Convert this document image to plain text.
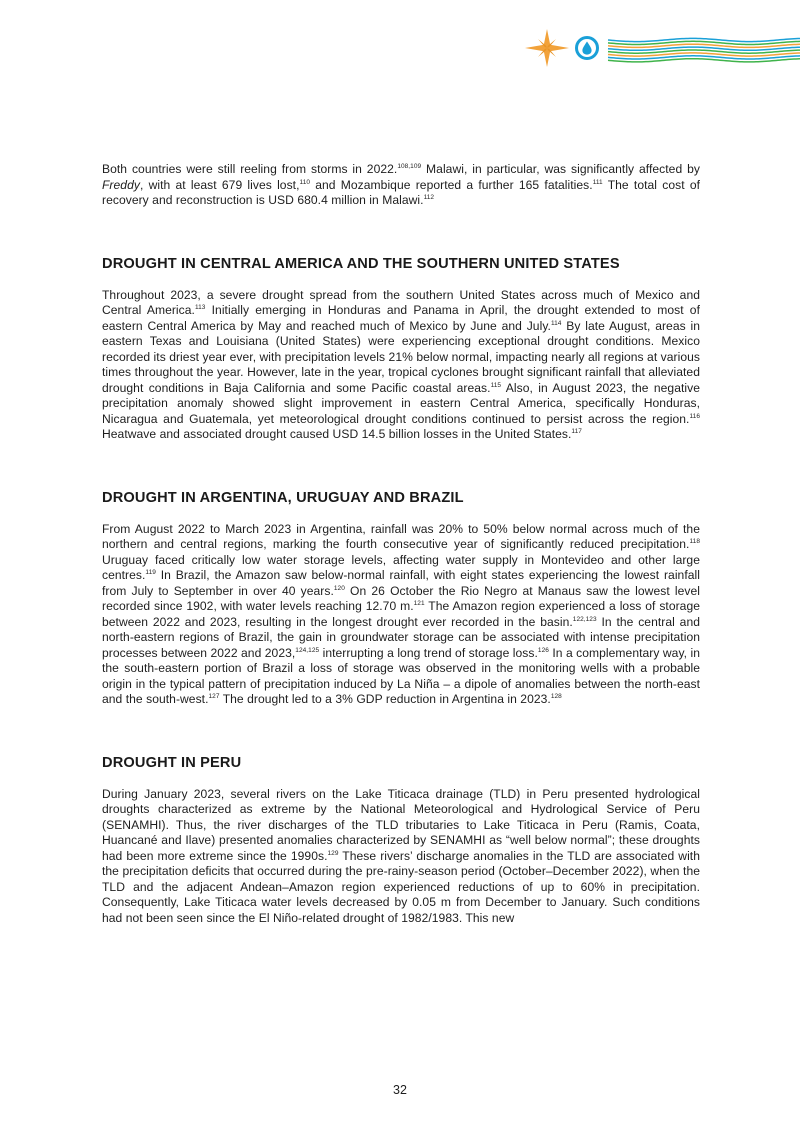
Both countries were still reeling from storms in 2022.$^{108,109}$ Malawi, in particular, was significantly affected by Freddy, with at least 679 lives lost,$^{110}$ and Mozambique reported a further 165 fatalities.$^{111}$ The total cost of recovery and reconstruction is USD 680.4 million in Malawi.$^{112}$

DROUGHT IN CENTRAL AMERICA AND THE SOUTHERN UNITED STATES

Throughout 2023, a severe drought spread from the southern United States across much of Mexico and Central America.$^{113}$ Initially emerging in Honduras and Panama in April, the drought extended to most of eastern Central America by May and reached much of Mexico by June and July.$^{114}$ By late August, areas in eastern Texas and Louisiana (United States) were experiencing exceptional drought conditions. Mexico recorded its driest year ever, with precipitation levels 21% below normal, impacting nearly all regions at various times throughout the year. However, late in the year, tropical cyclones brought significant rainfall that alleviated drought conditions in Baja California and some Pacific coastal areas.$^{115}$ Also, in August 2023, the negative precipitation anomaly showed slight improvement in eastern Central America, specifically Honduras, Nicaragua and Guatemala, yet meteorological drought conditions continued to persist across the region.$^{116}$ Heatwave and associated drought caused USD 14.5 billion losses in the United States.$^{117}$

DROUGHT IN ARGENTINA, URUGUAY AND BRAZIL

From August 2022 to March 2023 in Argentina, rainfall was 20% to 50% below normal across much of the northern and central regions, marking the fourth consecutive year of significantly reduced precipitation.$^{118}$ Uruguay faced critically low water storage levels, affecting water supply in Montevideo and other large centres.$^{119}$ In Brazil, the Amazon saw below-normal rainfall, with eight states experiencing the lowest rainfall from July to September in over 40 years.$^{120}$ On 26 October the Rio Negro at Manaus saw the lowest level recorded since 1902, with water levels reaching 12.70 m.$^{121}$ The Amazon region experienced a loss of storage between 2022 and 2023, resulting in the longest drought ever recorded in the basin.$^{122,123}$ In the central and north-eastern regions of Brazil, the gain in groundwater storage can be associated with intense precipitation processes between 2022 and 2023,$^{124,125}$ interrupting a long trend of storage loss.$^{126}$ In a complementary way, in the south-eastern portion of Brazil a loss of storage was observed in the monitoring wells with a probable origin in the typical pattern of precipitation induced by La Niña – a dipole of anomalies between the north-east and the south-west.$^{127}$ The drought led to a 3% GDP reduction in Argentina in 2023.$^{128}$

DROUGHT IN PERU

During January 2023, several rivers on the Lake Titicaca drainage (TLD) in Peru presented hydrological droughts characterized as extreme by the National Meteorological and Hydrological Service of Peru (SENAMHI). Thus, the river discharges of the TLD tributaries to Lake Titicaca in Peru (Ramis, Coata, Huancané and Ilave) presented anomalies characterized by SENAMHI as “well below normal”; these droughts had been more extreme since the 1990s.$^{129}$ These rivers’ discharge anomalies in the TLD are associated with the precipitation deficits that occurred during the pre-rainy-season period (October–December 2022), when the TLD and the adjacent Andean–Amazon region experienced reductions of up to 60% in precipitation. Consequently, Lake Titicaca water levels decreased by 0.05 m from December to January. Such conditions had not been seen since the El Niño-related drought of 1982/1983. This new

32
